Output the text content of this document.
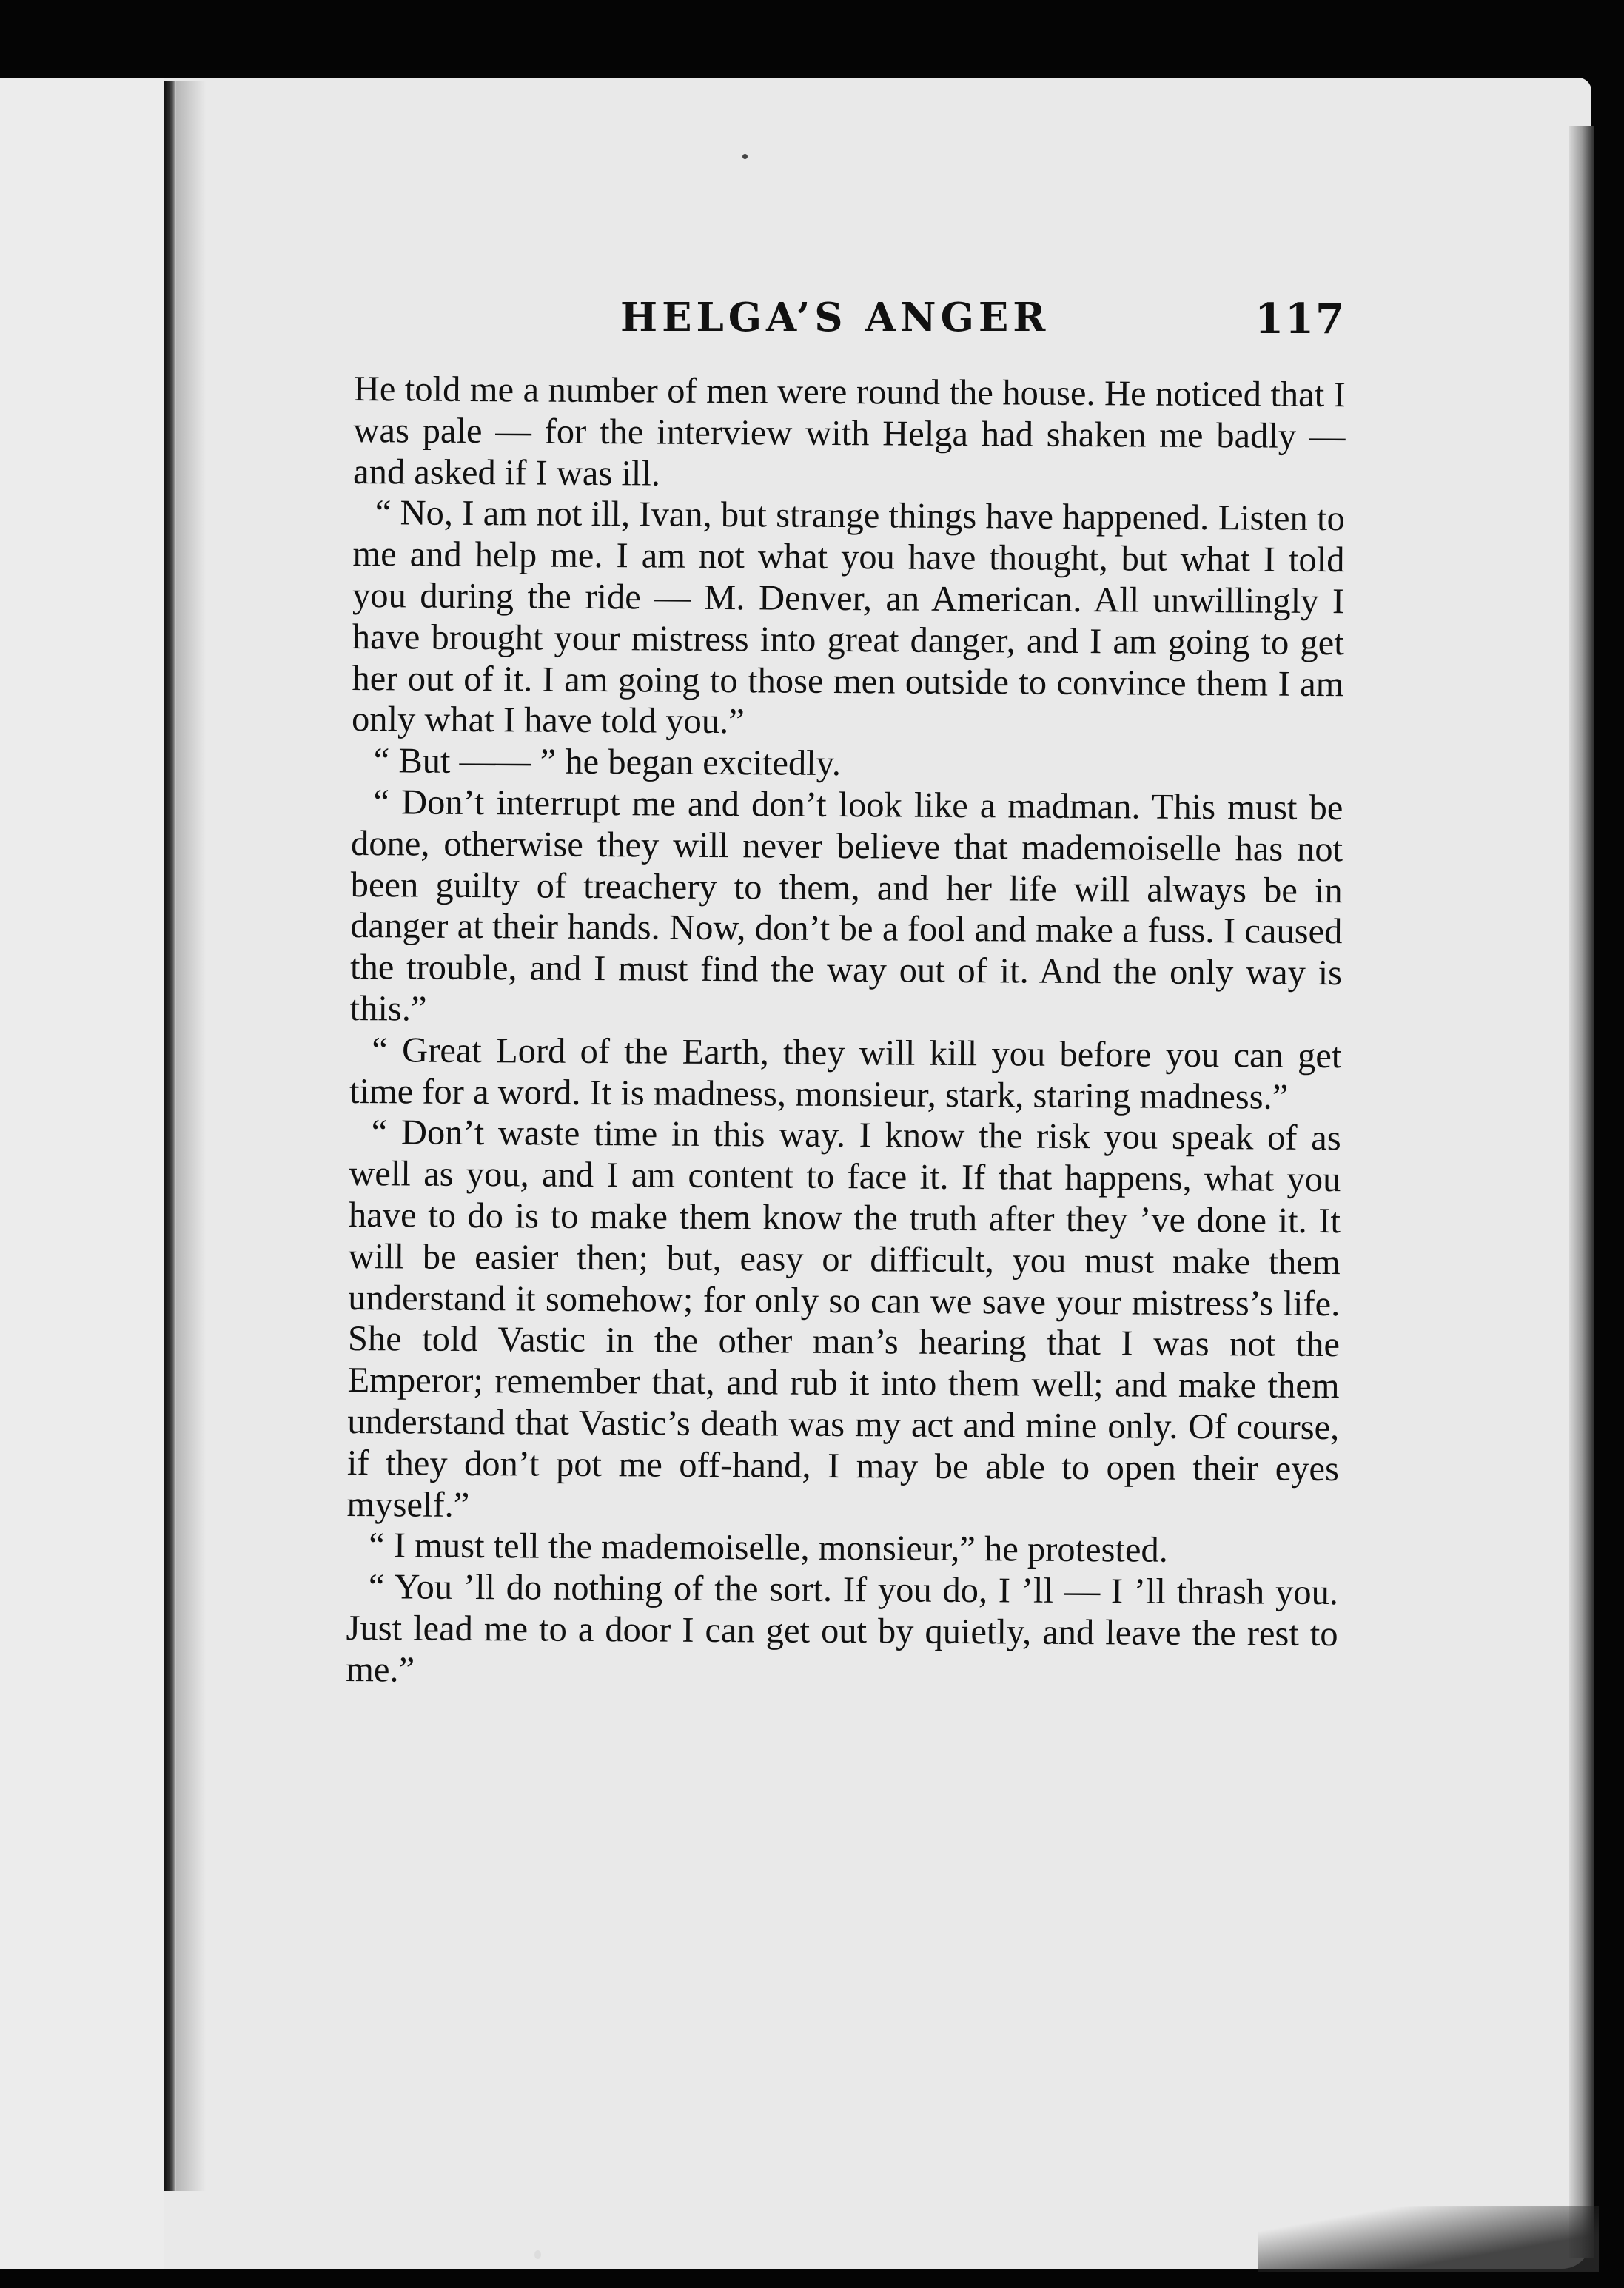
HELGA’S ANGER	117

He told me a number of men were round the house. He noticed that I was pale — for the interview with Helga had shaken me badly — and asked if I was ill.

“ No, I am not ill, Ivan, but strange things have happened. Listen to me and help me. I am not what you have thought, but what I told you during the ride — M. Denver, an American. All unwillingly I have brought your mistress into great danger, and I am going to get her out of it. I am going to those men outside to convince them I am only what I have told you.”

“ But —— ” he began excitedly.

“ Don’t interrupt me and don’t look like a madman. This must be done, otherwise they will never believe that mademoiselle has not been guilty of treachery to them, and her life will always be in danger at their hands. Now, don’t be a fool and make a fuss. I caused the trouble, and I must find the way out of it. And the only way is this.”

“ Great Lord of the Earth, they will kill you before you can get time for a word. It is madness, monsieur, stark, staring madness.”

“ Don’t waste time in this way. I know the risk you speak of as well as you, and I am content to face it. If that happens, what you have to do is to make them know the truth after they ’ve done it. It will be easier then; but, easy or difficult, you must make them understand it somehow; for only so can we save your mistress’s life. She told Vastic in the other man’s hearing that I was not the Emperor; remember that, and rub it into them well; and make them understand that Vastic’s death was my act and mine only. Of course, if they don’t pot me off-hand, I may be able to open their eyes myself.”

“ I must tell the mademoiselle, monsieur,” he protested.

“ You ’ll do nothing of the sort. If you do, I ’ll — I ’ll thrash you. Just lead me to a door I can get out by quietly, and leave the rest to me.”
